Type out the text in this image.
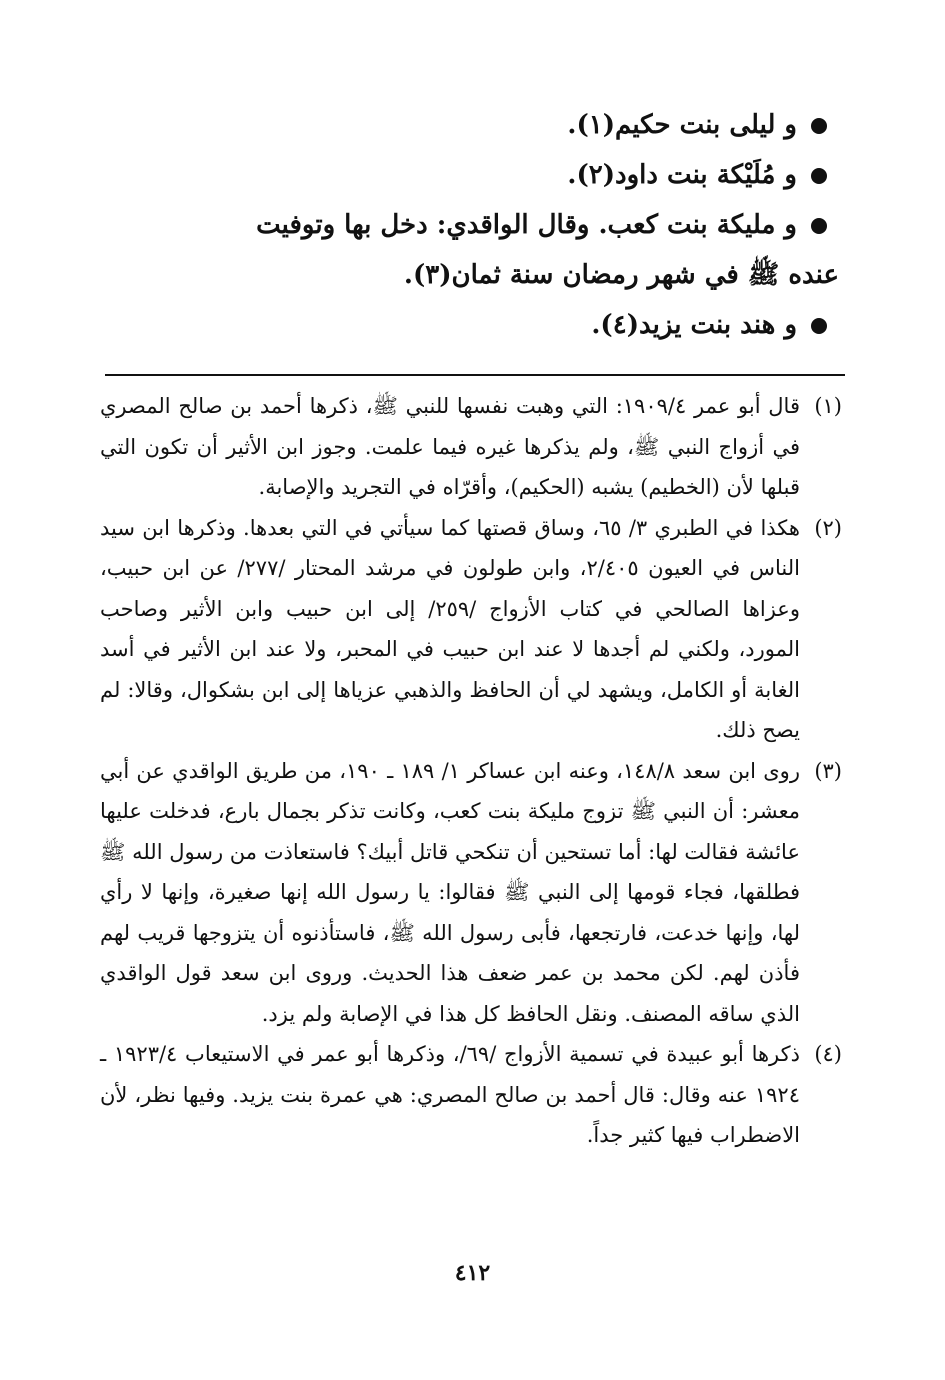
و ليلى بنت حكيم(١).
و مُلَيْكة بنت داود(٢).
و مليكة بنت كعب. وقال الواقدي: دخل بها وتوفيت
عنده ﷺ في شهر رمضان سنة ثمان(٣).
و هند بنت يزيد(٤).
(١)
قال أبو عمر ١٩٠٩/٤: التي وهبت نفسها للنبي ﷺ، ذكرها أحمد بن صالح المصري في أزواج النبي ﷺ، ولم يذكرها غيره فيما علمت. وجوز ابن الأثير أن تكون التي قبلها لأن (الخطيم) يشبه (الحكيم)، وأقرّاه في التجريد والإصابة.
(٢)
هكذا في الطبري ٣/ ٦٥، وساق قصتها كما سيأتي في التي بعدها. وذكرها ابن سيد الناس في العيون ٢/٤٠٥، وابن طولون في مرشد المحتار /٢٧٧/ عن ابن حبيب، وعزاها الصالحي في كتاب الأزواج /٢٥٩/ إلى ابن حبيب وابن الأثير وصاحب المورد، ولكني لم أجدها لا عند ابن حبيب في المحبر، ولا عند ابن الأثير في أسد الغابة أو الكامل، ويشهد لي أن الحافظ والذهبي عزياها إلى ابن بشكوال، وقالا: لم يصح ذلك.
(٣)
روى ابن سعد ١٤٨/٨، وعنه ابن عساكر ١/ ١٨٩ ـ ١٩٠، من طريق الواقدي عن أبي معشر: أن النبي ﷺ تزوج مليكة بنت كعب، وكانت تذكر بجمال بارع، فدخلت عليها عائشة فقالت لها: أما تستحين أن تنكحي قاتل أبيك؟ فاستعاذت من رسول الله ﷺ فطلقها، فجاء قومها إلى النبي ﷺ فقالوا: يا رسول الله إنها صغيرة، وإنها لا رأي لها، وإنها خدعت، فارتجعها، فأبى رسول الله ﷺ، فاستأذنوه أن يتزوجها قريب لهم فأذن لهم. لكن محمد بن عمر ضعف هذا الحديث. وروى ابن سعد قول الواقدي الذي ساقه المصنف. ونقل الحافظ كل هذا في الإصابة ولم يزد.
(٤)
ذكرها أبو عبيدة في تسمية الأزواج /٦٩/، وذكرها أبو عمر في الاستيعاب ١٩٢٣/٤ ـ ١٩٢٤ عنه وقال: قال أحمد بن صالح المصري: هي عمرة بنت يزيد. وفيها نظر، لأن الاضطراب فيها كثير جداً.
٤١٢
